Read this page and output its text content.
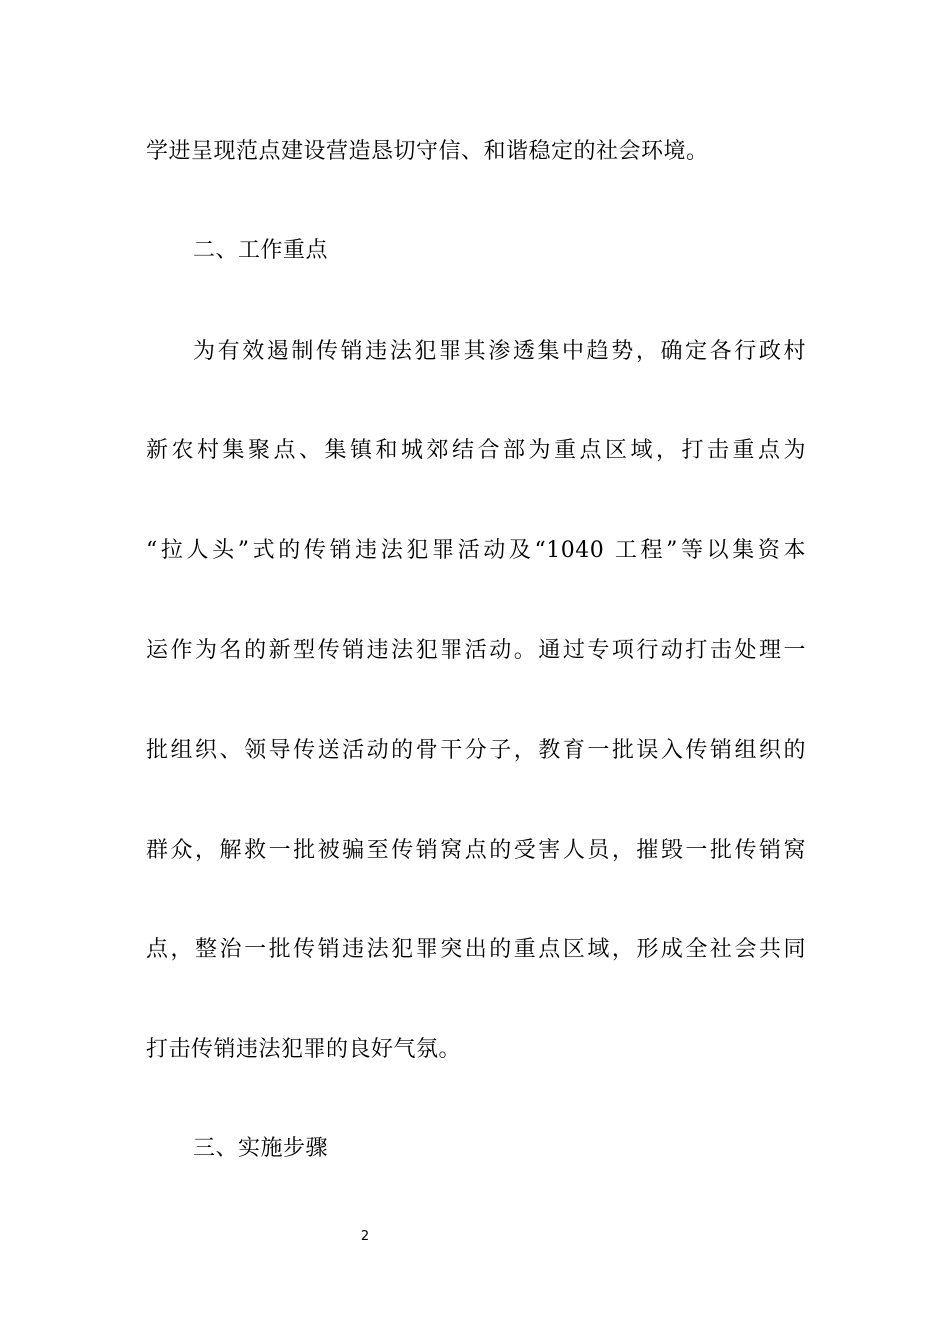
学进呈现范点建设营造恳切守信、和谐稳定的社会环境。
二、工作重点
为有效遏制传销违法犯罪其渗透集中趋势，确定各行政村
新农村集聚点、集镇和城郊结合部为重点区域，打击重点为
“拉人头”式的传销违法犯罪活动及“1040 工程”等以集资本
运作为名的新型传销违法犯罪活动。通过专项行动打击处理一
批组织、领导传送活动的骨干分子，教育一批误入传销组织的
群众，解救一批被骗至传销窝点的受害人员，摧毁一批传销窝
点，整治一批传销违法犯罪突出的重点区域，形成全社会共同
打击传销违法犯罪的良好气氛。
三、实施步骤
2
